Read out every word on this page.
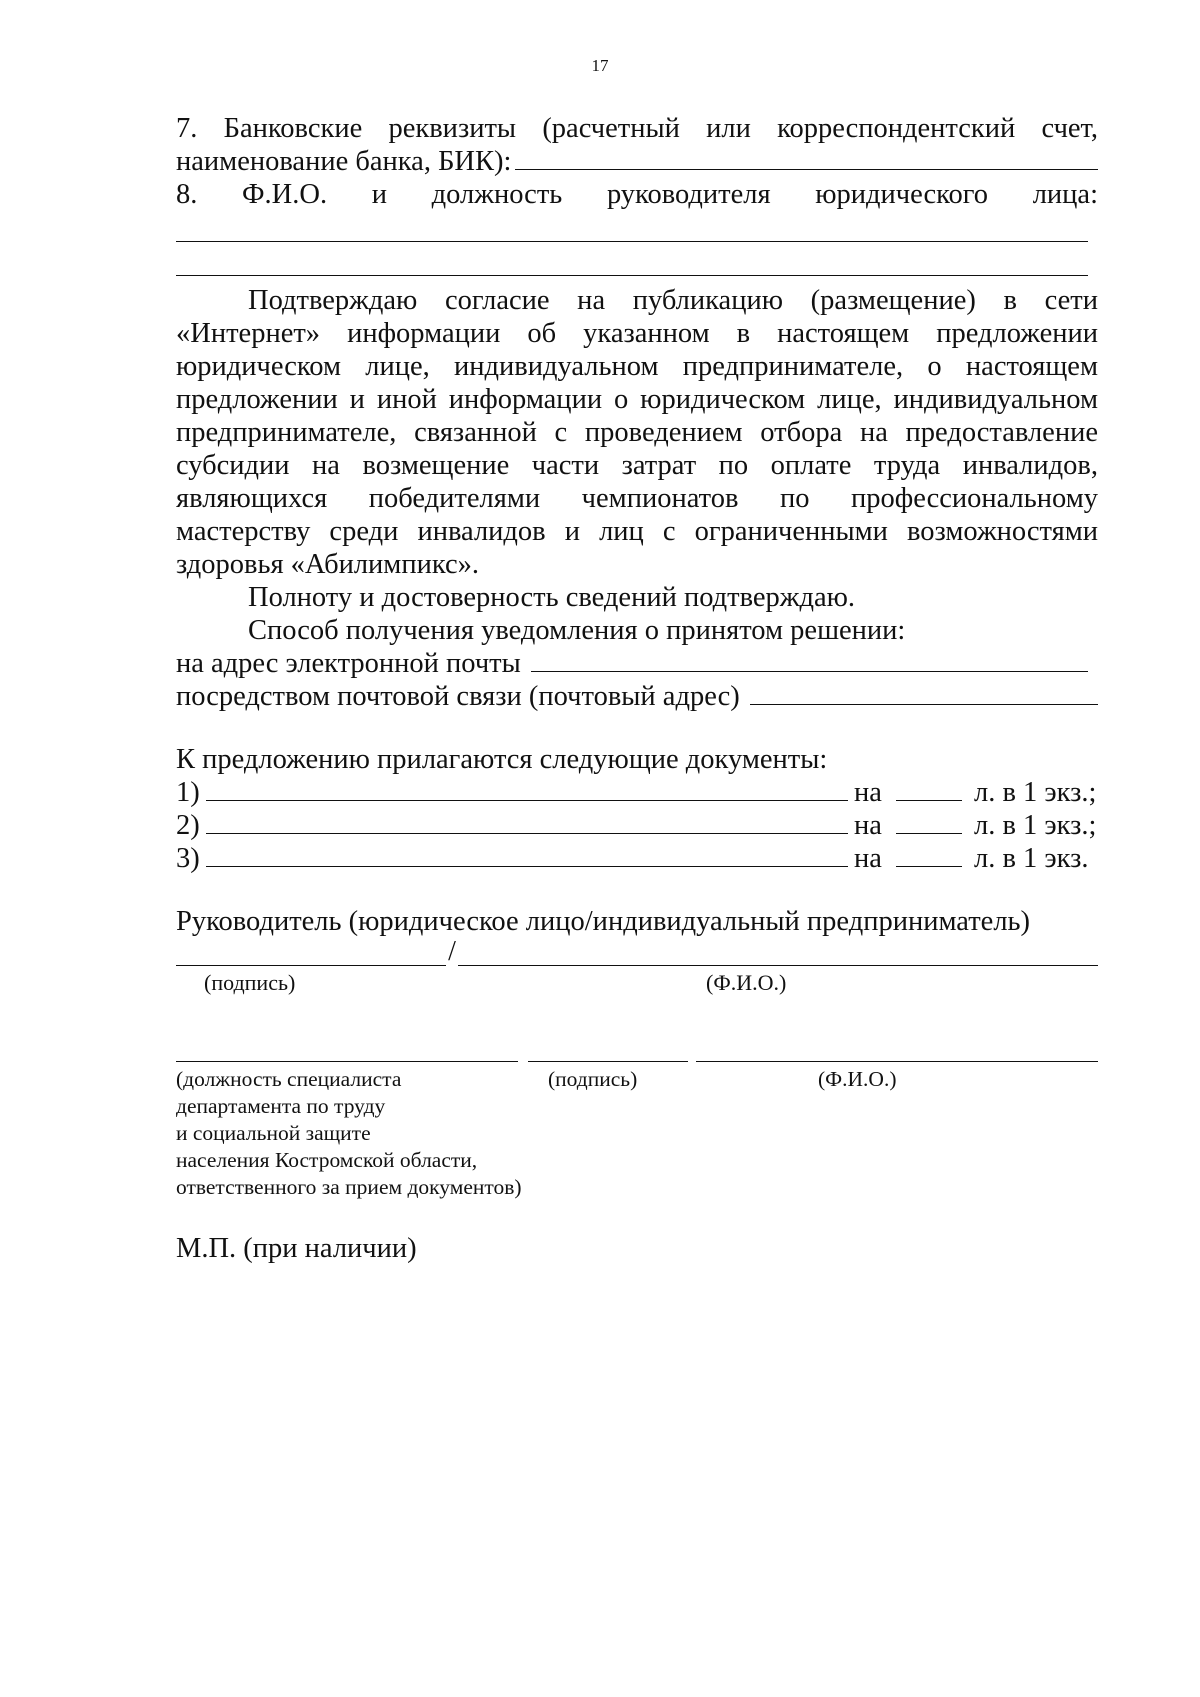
17
7. Банковские реквизиты (расчетный или корреспондентский счет,
наименование банка, БИК):
8. Ф.И.О. и должность руководителя юридического лица:
Подтверждаю согласие на публикацию (размещение) в сети «Интернет» информации об указанном в настоящем предложении юридическом лице, индивидуальном предпринимателе, о настоящем предложении и иной информации о юридическом лице, индивидуальном предпринимателе, связанной с проведением отбора на предоставление субсидии на возмещение части затрат по оплате труда инвалидов, являющихся победителями чемпионатов по профессиональному мастерству среди инвалидов и лиц с ограниченными возможностями здоровья «Абилимпикс».
Полноту и достоверность сведений подтверждаю.
Способ получения уведомления о принятом решении:
на адрес электронной почты
посредством почтовой связи (почтовый адрес)
К предложению прилагаются следующие документы:
1)	на	л. в 1 экз.;
2)	на	л. в 1 экз.;
3)	на	л. в 1 экз.
Руководитель (юридическое лицо/индивидуальный предприниматель)
/
(подпись)	(Ф.И.О.)
(должность специалиста
департамента по труду
и социальной защите
населения Костромской области,
ответственного за прием документов)
(подпись)	(Ф.И.О.)
М.П. (при наличии)
